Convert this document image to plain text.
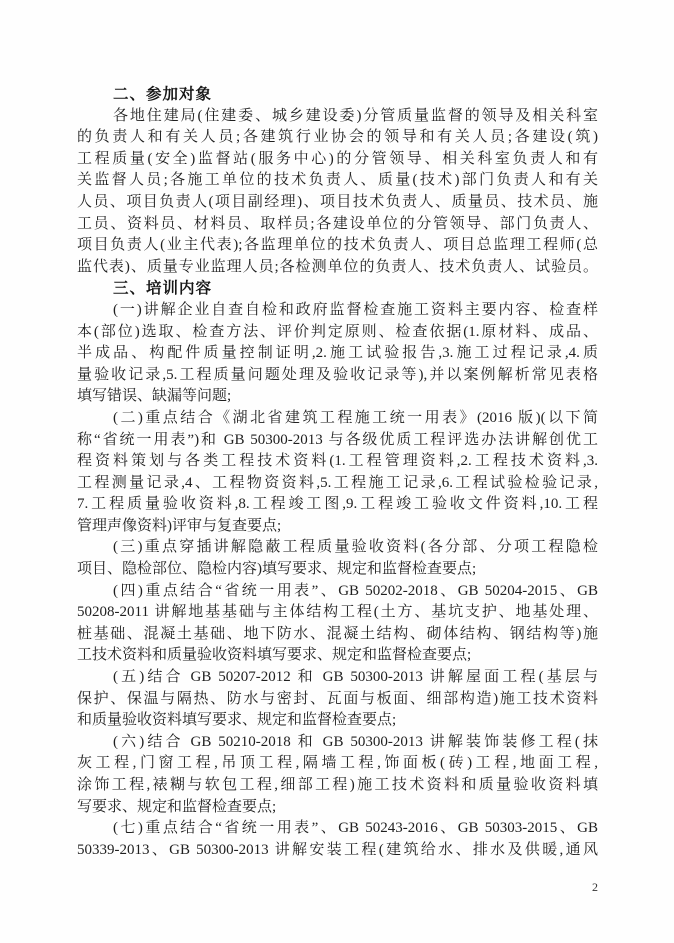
二、参加对象
各地住建局(住建委、城乡建设委)分管质量监督的领导及相关科室
的负责人和有关人员;各建筑行业协会的领导和有关人员;各建设(筑)
工程质量(安全)监督站(服务中心)的分管领导、相关科室负责人和有
关监督人员;各施工单位的技术负责人、质量(技术)部门负责人和有关
人员、项目负责人(项目副经理)、项目技术负责人、质量员、技术员、施
工员、资料员、材料员、取样员;各建设单位的分管领导、部门负责人、
项目负责人(业主代表);各监理单位的技术负责人、项目总监理工程师(总
监代表)、质量专业监理人员;各检测单位的负责人、技术负责人、试验员。
三、培训内容
(一)讲解企业自查自检和政府监督检查施工资料主要内容、检查样
本(部位)选取、检查方法、评价判定原则、检查依据(1.原材料、成品、
半成品、构配件质量控制证明,2.施工试验报告,3.施工过程记录,4.质
量验收记录,5.工程质量问题处理及验收记录等),并以案例解析常见表格
填写错误、缺漏等问题;
(二)重点结合《湖北省建筑工程施工统一用表》(2016 版)(以下简
称“省统一用表”)和 GB 50300-2013 与各级优质工程评选办法讲解创优工
程资料策划与各类工程技术资料(1.工程管理资料,2.工程技术资料,3.
工程测量记录,4、工程物资资料,5.工程施工记录,6.工程试验检验记录,
7.工程质量验收资料,8.工程竣工图,9.工程竣工验收文件资料,10.工程
管理声像资料)评审与复查要点;
(三)重点穿插讲解隐蔽工程质量验收资料(各分部、分项工程隐检
项目、隐检部位、隐检内容)填写要求、规定和监督检查要点;
(四)重点结合“省统一用表”、GB 50202-2018、GB 50204-2015、GB
50208-2011 讲解地基基础与主体结构工程(土方、基坑支护、地基处理、
桩基础、混凝土基础、地下防水、混凝土结构、砌体结构、钢结构等)施
工技术资料和质量验收资料填写要求、规定和监督检查要点;
(五)结合 GB 50207-2012 和 GB 50300-2013 讲解屋面工程(基层与
保护、保温与隔热、防水与密封、瓦面与板面、细部构造)施工技术资料
和质量验收资料填写要求、规定和监督检查要点;
(六)结合 GB 50210-2018 和 GB 50300-2013 讲解装饰装修工程(抹
灰工程,门窗工程,吊顶工程,隔墙工程,饰面板(砖)工程,地面工程,
涂饰工程,裱糊与软包工程,细部工程)施工技术资料和质量验收资料填
写要求、规定和监督检查要点;
(七)重点结合“省统一用表”、GB 50243-2016、GB 50303-2015、GB
50339-2013、GB 50300-2013 讲解安装工程(建筑给水、排水及供暖,通风
2
